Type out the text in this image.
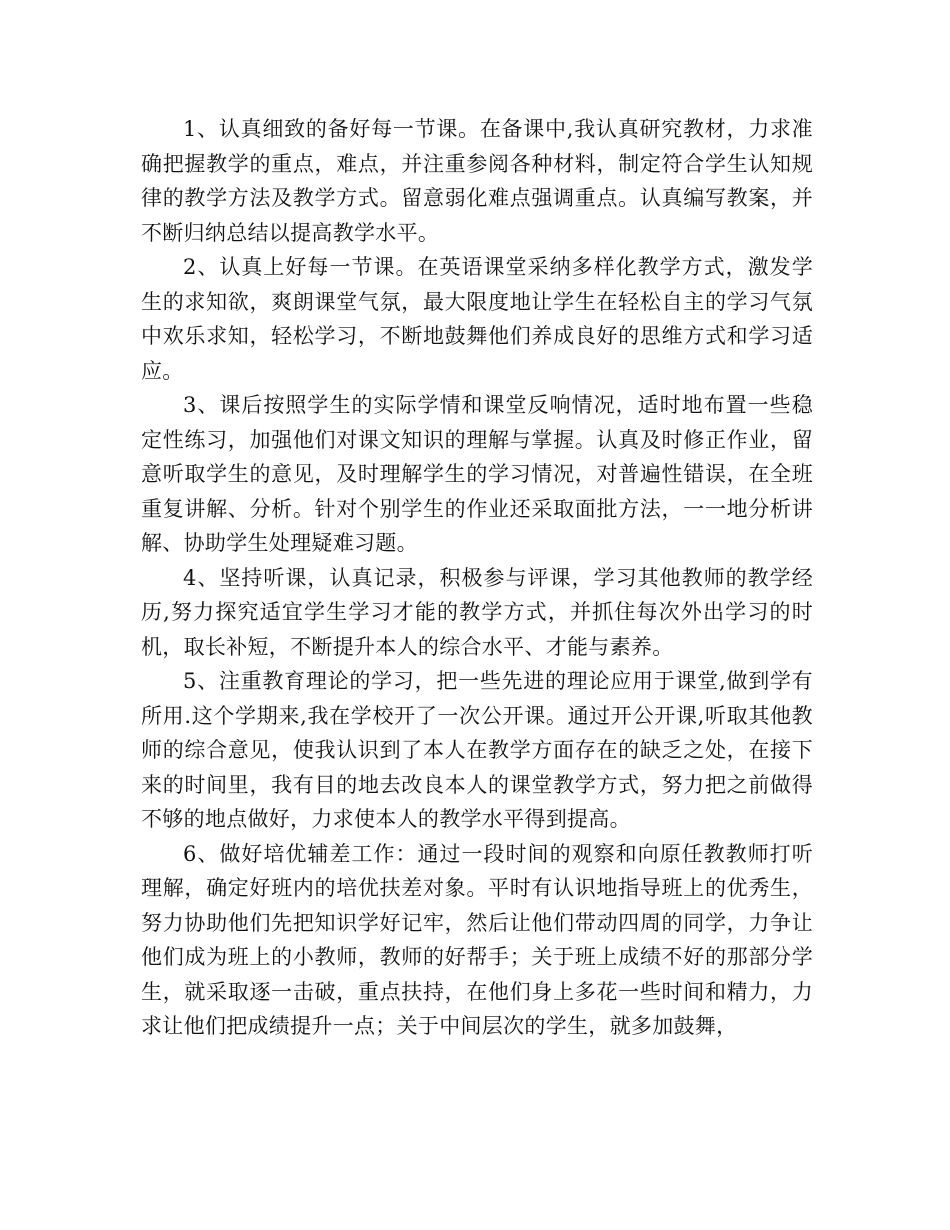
1、认真细致的备好每一节课。在备课中,我认真研究教材，力求准确把握教学的重点，难点，并注重参阅各种材料，制定符合学生认知规律的教学方法及教学方式。留意弱化难点强调重点。认真编写教案，并不断归纳总结以提高教学水平。

2、认真上好每一节课。在英语课堂采纳多样化教学方式，激发学生的求知欲，爽朗课堂气氛，最大限度地让学生在轻松自主的学习气氛中欢乐求知，轻松学习，不断地鼓舞他们养成良好的思维方式和学习适应。

3、课后按照学生的实际学情和课堂反响情况，适时地布置一些稳定性练习，加强他们对课文知识的理解与掌握。认真及时修正作业，留意听取学生的意见，及时理解学生的学习情况，对普遍性错误，在全班重复讲解、分析。针对个别学生的作业还采取面批方法，一一地分析讲解、协助学生处理疑难习题。

4、坚持听课，认真记录，积极参与评课，学习其他教师的教学经历,努力探究适宜学生学习才能的教学方式，并抓住每次外出学习的时机，取长补短，不断提升本人的综合水平、才能与素养。

5、注重教育理论的学习，把一些先进的理论应用于课堂,做到学有所用.这个学期来,我在学校开了一次公开课。通过开公开课,听取其他教师的综合意见，使我认识到了本人在教学方面存在的缺乏之处，在接下来的时间里，我有目的地去改良本人的课堂教学方式，努力把之前做得不够的地点做好，力求使本人的教学水平得到提高。

6、做好培优辅差工作：通过一段时间的观察和向原任教教师打听理解，确定好班内的培优扶差对象。平时有认识地指导班上的优秀生，努力协助他们先把知识学好记牢，然后让他们带动四周的同学，力争让他们成为班上的小教师，教师的好帮手；关于班上成绩不好的那部分学生，就采取逐一击破，重点扶持，在他们身上多花一些时间和精力，力求让他们把成绩提升一点；关于中间层次的学生，就多加鼓舞，
